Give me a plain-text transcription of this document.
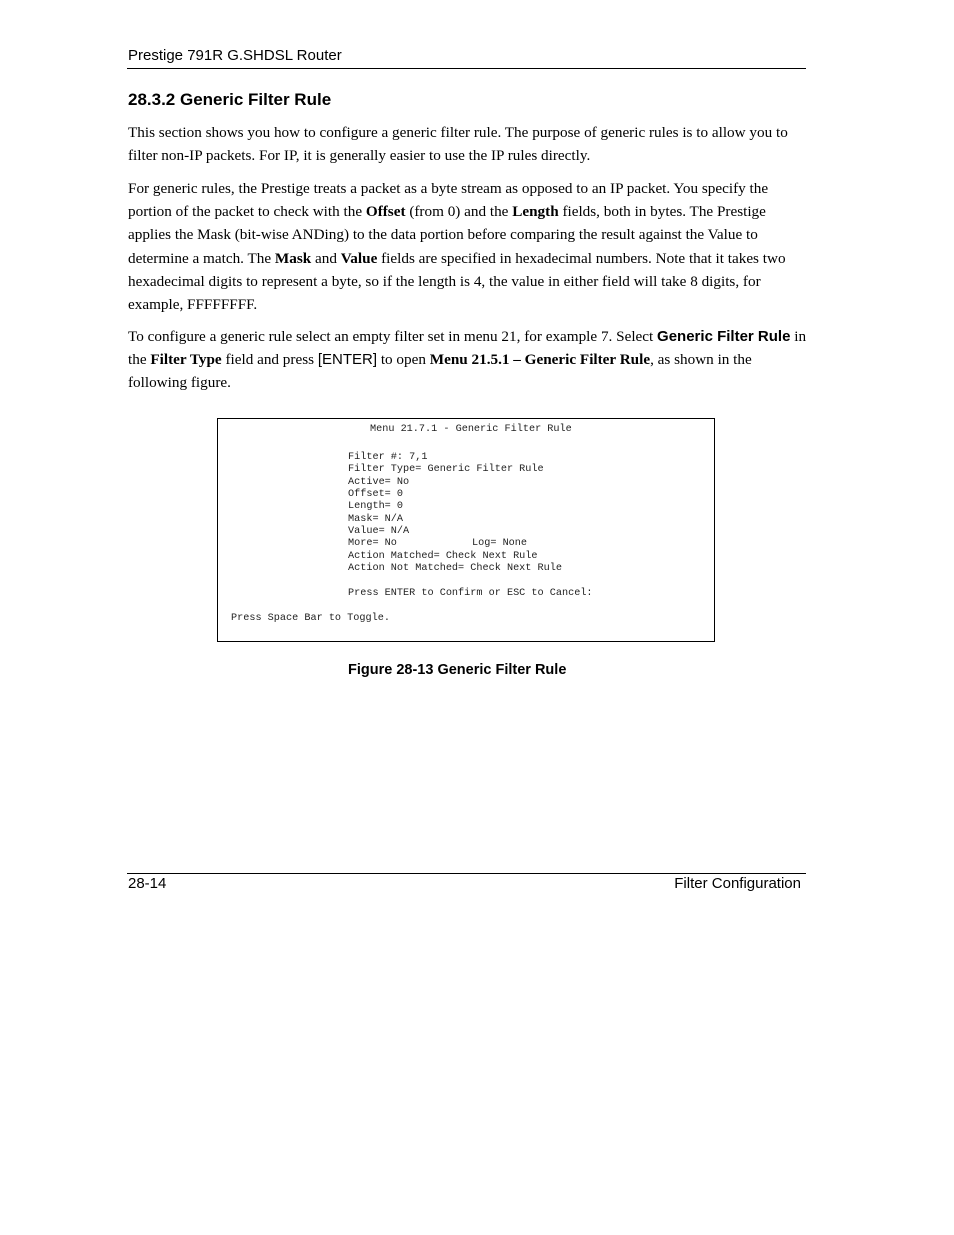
Prestige 791R G.SHDSL Router
28.3.2 Generic Filter Rule
This section shows you how to configure a generic filter rule. The purpose of generic rules is to allow you to filter non-IP packets. For IP, it is generally easier to use the IP rules directly.
For generic rules, the Prestige treats a packet as a byte stream as opposed to an IP packet. You specify the portion of the packet to check with the Offset (from 0) and the Length fields, both in bytes. The Prestige applies the Mask (bit-wise ANDing) to the data portion before comparing the result against the Value to determine a match. The Mask and Value fields are specified in hexadecimal numbers. Note that it takes two hexadecimal digits to represent a byte, so if the length is 4, the value in either field will take 8 digits, for example, FFFFFFFF.
To configure a generic rule select an empty filter set in menu 21, for example 7. Select Generic Filter Rule in the Filter Type field and press [ENTER] to open Menu 21.5.1 – Generic Filter Rule, as shown in the following figure.
Menu 21.7.1 - Generic Filter Rule
Filter #: 7,1
Filter Type= Generic Filter Rule
Active= No
Offset= 0
Length= 0
Mask= N/A
Value= N/A
More= No	Log= None
Action Matched= Check Next Rule
Action Not Matched= Check Next Rule
Press ENTER to Confirm or ESC to Cancel:
Press Space Bar to Toggle.
Figure 28-13 Generic Filter Rule
28-14	Filter Configuration
